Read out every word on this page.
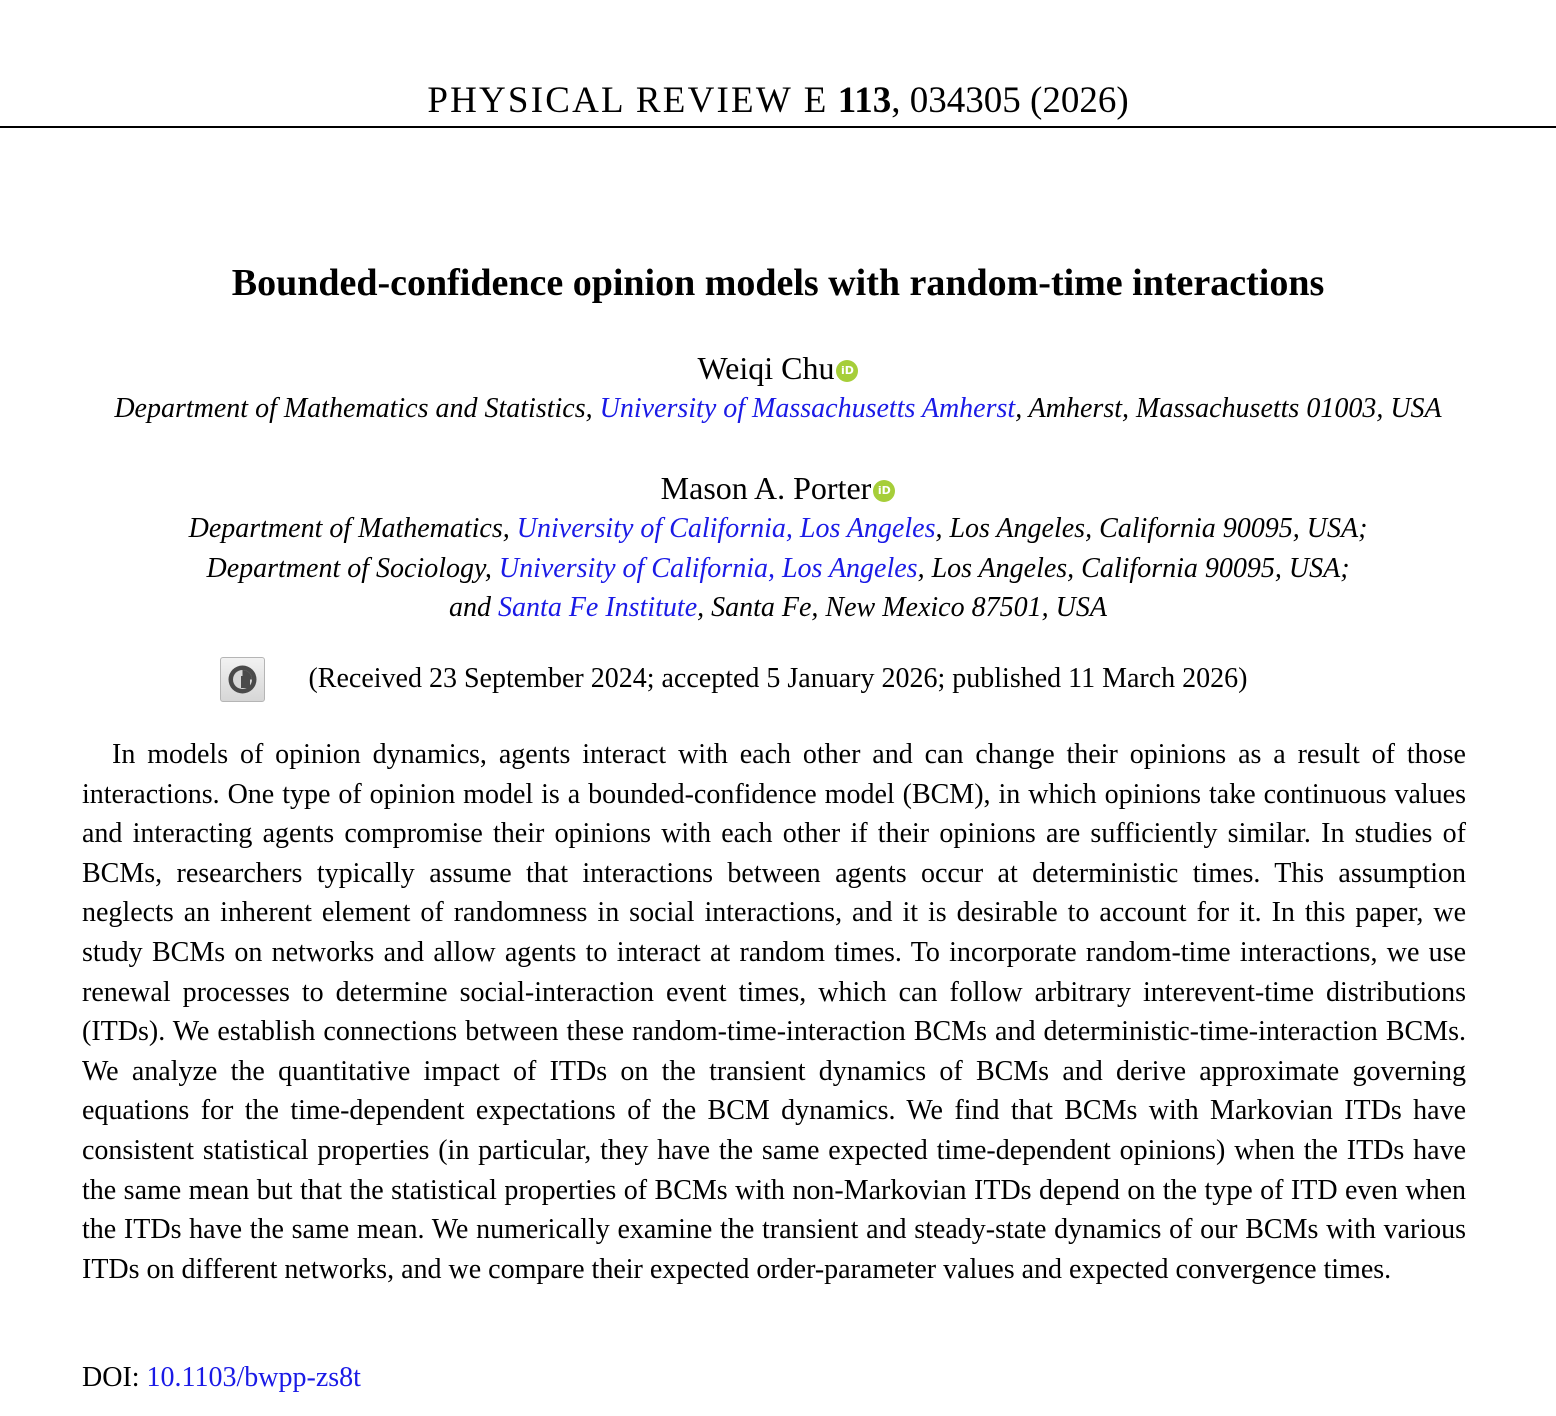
PHYSICAL REVIEW E 113, 034305 (2026)
Bounded-confidence opinion models with random-time interactions
Weiqi Chu iD
Department of Mathematics and Statistics, University of Massachusetts Amherst, Amherst, Massachusetts 01003, USA
Mason A. Porter iD
Department of Mathematics, University of California, Los Angeles, Los Angeles, California 90095, USA;
Department of Sociology, University of California, Los Angeles, Los Angeles, California 90095, USA;
and Santa Fe Institute, Santa Fe, New Mexico 87501, USA
(Received 23 September 2024; accepted 5 January 2026; published 11 March 2026)

In models of opinion dynamics, agents interact with each other and can change their opinions as a result of those interactions. One type of opinion model is a bounded-confidence model (BCM), in which opinions take continuous values and interacting agents compromise their opinions with each other if their opinions are sufficiently similar. In studies of BCMs, researchers typically assume that interactions between agents occur at deterministic times. This assumption neglects an inherent element of randomness in social interactions, and it is desirable to account for it. In this paper, we study BCMs on networks and allow agents to interact at random times. To incorporate random-time interactions, we use renewal processes to determine social-interaction event times, which can follow arbitrary interevent-time distributions (ITDs). We establish connections between these random-time-interaction BCMs and deterministic-time-interaction BCMs. We analyze the quantitative impact of ITDs on the transient dynamics of BCMs and derive approximate governing equations for the time-dependent expectations of the BCM dynamics. We find that BCMs with Markovian ITDs have consistent statistical properties (in particular, they have the same expected time-dependent opinions) when the ITDs have the same mean but that the statistical properties of BCMs with non-Markovian ITDs depend on the type of ITD even when the ITDs have the same mean. We numerically examine the transient and steady-state dynamics of our BCMs with various ITDs on different networks, and we compare their expected order-parameter values and expected convergence times.

DOI: 10.1103/bwpp-zs8t
